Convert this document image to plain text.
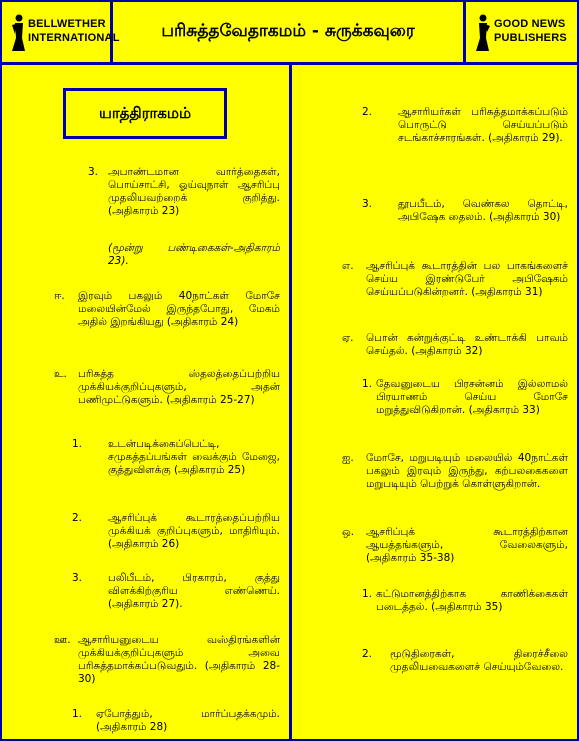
BELLWETHER
INTERNATIONAL	பரிசுத்தவேதாகமம் - சுருக்கவுரை	GOOD NEWS
PUBLISHERS
யாத்திராகமம்
3. அபாண்டமான வார்த்தைகள், பொய்சாட்சி, ஓய்வுநாள் ஆசரிப்பு முதலியவற்றைக் குறித்து. (அதிகாரம் 23)
(மூன்று பண்டிகைகள்-அதிகாரம் 23).
ஈ. இரவும் பகலும் 40நாட்கள் மோசே மலையின்மேல் இருந்தபோது, மேகம் அதில் இறங்கியது (அதிகாரம் 24)
உ. பரிசுத்த ஸ்தலத்தைப்பற்றிய முக்கியக்குறிப்புகளும், அதன் பணிமுட்டுகளும். (அதிகாரம் 25-27)
1. உடன்படிக்கைப்பெட்டி, சமுகத்தப்பங்கள் வைக்கும் மேஜை, குத்துவிளக்கு (அதிகாரம் 25)
2. ஆசரிப்புக் கூடாரத்தைப்பற்றிய முக்கியக் குறிப்புகளும், மாதிரியும். (அதிகாரம் 26)
3. பலிபீடம், பிரகாரம், குத்து விளக்கிற்குரிய எண்ணெய். (அதிகாரம் 27).
ஊ. ஆசாரியனுடைய வஸ்திரங்களின் முக்கியக்குறிப்புகளும் அவை பரிசுத்தமாக்கப்படுவதும். (அதிகாரம் 28-30)
1. ஏபோத்தும், மார்ப்பதக்கமும். (அதிகாரம் 28)
2. ஆசாரியர்கள் பரிசுத்தமாக்கப்படும் பொருட்டு செய்யப்படும் சடங்காச்சாரங்கள். (அதிகாரம் 29).
3. தூபபீடம், வெண்கல தொட்டி, அபிஷேக தைலம். (அதிகாரம் 30)
எ. ஆசரிப்புக் கூடாரத்தின் பல பாகங்களைச் செய்ய இரண்டுபேர் அபிஷேகம் செய்யப்படுகின்றனர். (அதிகாரம் 31)
ஏ. பொன் கன்றுக்குட்டி உண்டாக்கி பாவம் செய்தல். (அதிகாரம் 32)
1. தேவனுடைய பிரசன்னம் இல்லாமல் பிரயாணம் செய்ய மோசே மறுத்துவிடுகிறான். (அதிகாரம் 33)
ஐ. மோசே, மறுபடியும் மலையில் 40நாட்கள் பகலும் இரவும் இருந்து, கற்பலகைகளை மறுபடியும் பெற்றுக் கொள்ளுகிறான்.
ஒ. ஆசரிப்புக் கூடாரத்திற்கான ஆயத்தங்களும், வேலைகளும், (அதிகாரம் 35-38)
1. கட்டுமானத்திற்காக காணிக்கைகள் படைத்தல். (அதிகாரம் 35)
2. மூடுதிரைகள், திரைச்சீலை முதலியவைகளைச் செய்யும்வேலை.
